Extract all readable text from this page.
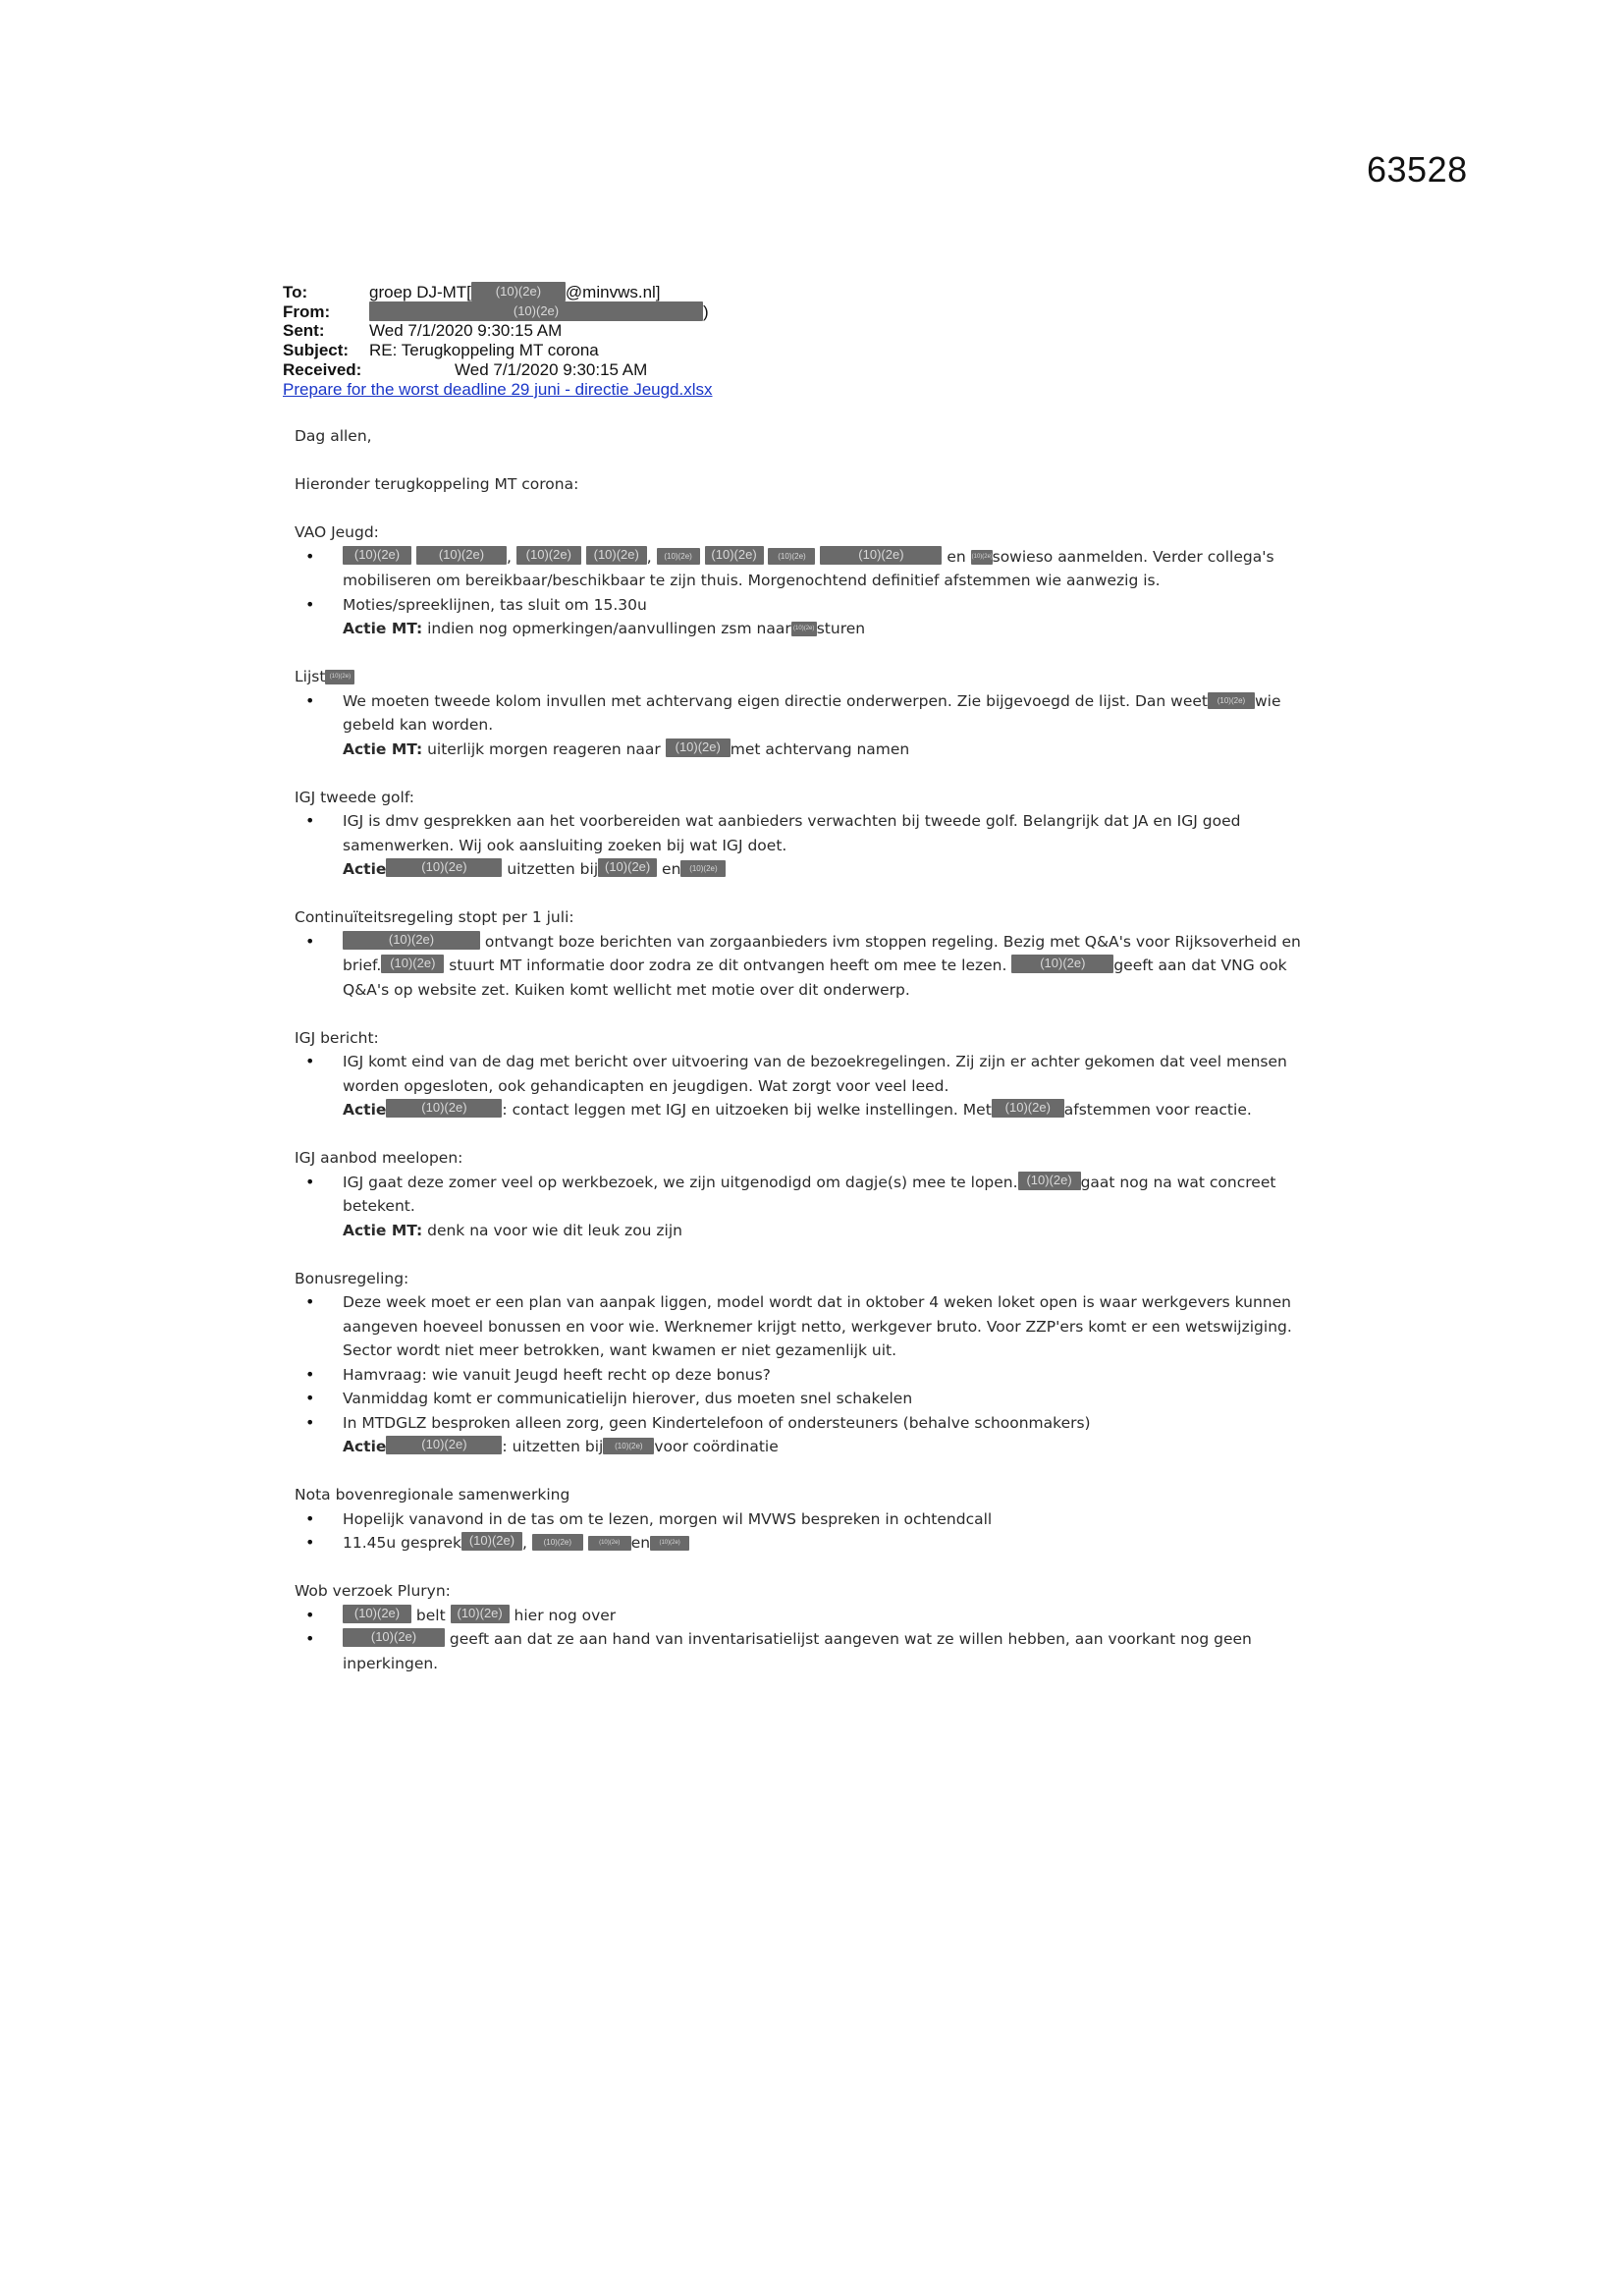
63528
To:	groep DJ-MT[ (10)(2e) @minvws.nl]
From:	(10)(2e)	)
Sent:	Wed 7/1/2020 9:30:15 AM
Subject: RE: Terugkoppeling MT corona
Received:	Wed 7/1/2020 9:30:15 AM
Prepare for the worst deadline 29 juni - directie Jeugd.xlsx

Dag allen,

Hieronder terugkoppeling MT corona:

VAO Jeugd:

• (10)(2e)	(10)(2e) , (10)(2e) (10)(2e) , (10)(2e) (10)(2e)	(10)(2e)	(10)(2e)	en (10)(2e)sowieso aanmelden. Verder collega's mobiliseren om bereikbaar/beschikbaar te zijn thuis. Morgenochtend definitief afstemmen wie aanwezig is.
• Moties/spreeklijnen, tas sluit om 15.30u
Actie MT: indien nog opmerkingen/aanvullingen zsm naar (10)(2e) sturen

Lijst (10)(2e)

• We moeten tweede kolom invullen met achtervang eigen directie onderwerpen. Zie bijgevoegd de lijst. Dan weet (10)(2e) wie gebeld kan worden.
Actie MT: uiterlijk morgen reageren naar (10)(2e) met achtervang namen

IGJ tweede golf:

• IGJ is dmv gesprekken aan het voorbereiden wat aanbieders verwachten bij tweede golf. Belangrijk dat JA en IGJ goed samenwerken. Wij ook aansluiting zoeken bij wat IGJ doet.
Actie	(10)(2e) uitzetten bij (10)(2e) en (10)(2e)

Continuïteitsregeling stopt per 1 juli:

• (10)(2e)	ontvangt boze berichten van zorgaanbieders ivm stoppen regeling. Bezig met Q&A's voor Rijksoverheid en brief. (10)(2e) stuurt MT informatie door zodra ze dit ontvangen heeft om mee te lezen. (10)(2e) geeft aan dat VNG ook Q&A's op website zet. Kuiken komt wellicht met motie over dit onderwerp.

IGJ bericht:

• IGJ komt eind van de dag met bericht over uitvoering van de bezoekregelingen. Zij zijn er achter gekomen dat veel mensen worden opgesloten, ook gehandicapten en jeugdigen. Wat zorgt voor veel leed.
Actie	(10)(2e) : contact leggen met IGJ en uitzoeken bij welke instellingen. Met (10)(2e) afstemmen voor reactie.

IGJ aanbod meelopen:

• IGJ gaat deze zomer veel op werkbezoek, we zijn uitgenodigd om dagje(s) mee te lopen. (10)(2e) gaat nog na wat concreet betekent.
Actie MT: denk na voor wie dit leuk zou zijn

Bonusregeling:

• Deze week moet er een plan van aanpak liggen, model wordt dat in oktober 4 weken loket open is waar werkgevers kunnen aangeven hoeveel bonussen en voor wie. Werknemer krijgt netto, werkgever bruto. Voor ZZP'ers komt er een wetswijziging. Sector wordt niet meer betrokken, want kwamen er niet gezamenlijk uit.
• Hamvraag: wie vanuit Jeugd heeft recht op deze bonus?
• Vanmiddag komt er communicatielijn hierover, dus moeten snel schakelen
• In MTDGLZ besproken alleen zorg, geen Kindertelefoon of ondersteuners (behalve schoonmakers)
Actie	(10)(2e) : uitzetten bij (10)(2e) voor coördinatie

Nota bovenregionale samenwerking

• Hopelijk vanavond in de tas om te lezen, morgen wil MVWS bespreken in ochtendcall
• 11.45u gesprek (10)(2e) , (10)(2e)	(10)(2e) en (10)(2e)

Wob verzoek Pluryn:

• (10)(2e) belt (10)(2e) hier nog over
• (10)(2e) geeft aan dat ze aan hand van inventarisatielijst aangeven wat ze willen hebben, aan voorkant nog geen inperkingen.
